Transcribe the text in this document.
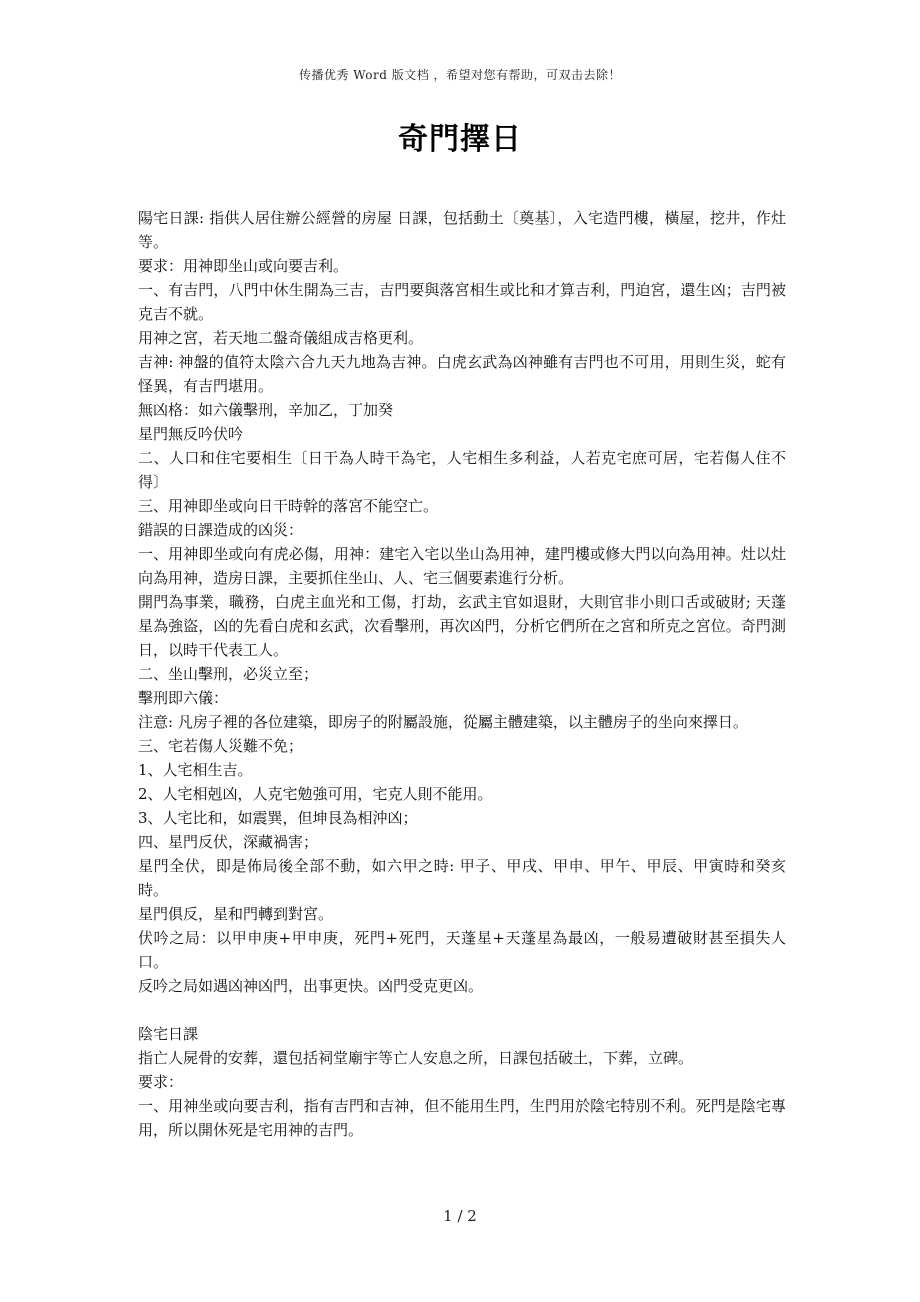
传播优秀 Word 版文档 ，希望对您有帮助，可双击去除！
奇門擇日

陽宅日課: 指供人居住辦公經營的房屋 日課，包括動土〔奠基〕，入宅造門樓，橫屋，挖井，作灶等。

要求：用神即坐山或向要吉利。

一、有吉門，八門中休生開為三吉，吉門要與落宮相生或比和才算吉利，門迫宮，還生凶；吉門被克吉不就。

用神之宮，若天地二盤奇儀組成吉格更利。

吉神: 神盤的值符太陰六合九天九地為吉神。白虎玄武為凶神雖有吉門也不可用，用則生災，蛇有怪異，有吉門堪用。

無凶格：如六儀擊刑，辛加乙，丁加癸

星門無反吟伏吟

二、人口和住宅要相生〔日干為人時干為宅，人宅相生多利益，人若克宅庶可居，宅若傷人住不得〕

三、用神即坐或向日干時幹的落宮不能空亡。

錯誤的日課造成的凶災：

一、用神即坐或向有虎必傷，用神：建宅入宅以坐山為用神，建門樓或修大門以向為用神。灶以灶向為用神，造房日課，主要抓住坐山、人、宅三個要素進行分析。

開門為事業，職務，白虎主血光和工傷，打劫，玄武主官如退財，大則官非小則口舌或破財; 天蓬星為強盜，凶的先看白虎和玄武，次看擊刑，再次凶門，分析它們所在之宮和所克之宮位。奇門測日，以時干代表工人。

二、坐山擊刑，必災立至；

擊刑即六儀：

注意: 凡房子裡的各位建築，即房子的附屬設施，從屬主體建築，以主體房子的坐向來擇日。

三、宅若傷人災難不免；

1、人宅相生吉。

2、人宅相剋凶，人克宅勉強可用，宅克人則不能用。

3、人宅比和，如震巽，但坤艮為相沖凶；

四、星門反伏，深藏禍害；

星門全伏，即是佈局後全部不動，如六甲之時: 甲子、甲戌、甲申、甲午、甲辰、甲寅時和癸亥時。

星門俱反，星和門轉到對宮。

伏吟之局：以甲申庚+甲申庚，死門+死門，天蓬星+天蓬星為最凶，一般易遭破財甚至損失人口。

反吟之局如遇凶神凶門，出事更快。凶門受克更凶。

陰宅日課

指亡人屍骨的安葬，還包括祠堂廟宇等亡人安息之所，日課包括破土，下葬，立碑。

要求：

一、用神坐或向要吉利，指有吉門和吉神，但不能用生門，生門用於陰宅特別不利。死門是陰宅專用，所以開休死是宅用神的吉門。

1 / 2
